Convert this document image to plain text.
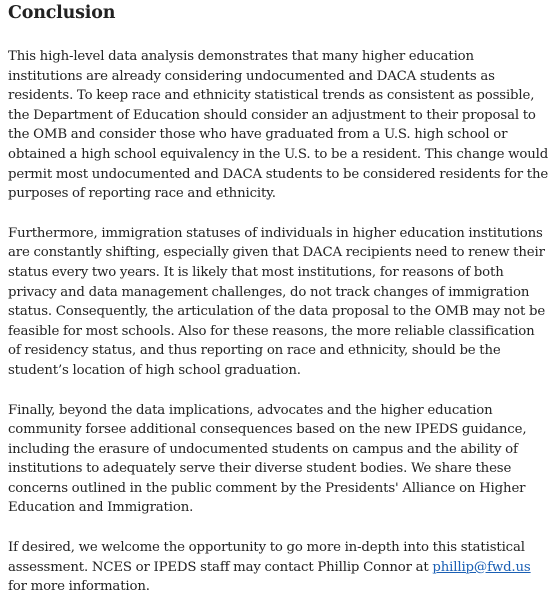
Conclusion

This high-level data analysis demonstrates that many higher education institutions are already considering undocumented and DACA students as residents. To keep race and ethnicity statistical trends as consistent as possible, the Department of Education should consider an adjustment to their proposal to the OMB and consider those who have graduated from a U.S. high school or obtained a high school equivalency in the U.S. to be a resident. This change would permit most undocumented and DACA students to be considered residents for the purposes of reporting race and ethnicity.

Furthermore, immigration statuses of individuals in higher education institutions are constantly shifting, especially given that DACA recipients need to renew their status every two years. It is likely that most institutions, for reasons of both privacy and data management challenges, do not track changes of immigration status. Consequently, the articulation of the data proposal to the OMB may not be feasible for most schools. Also for these reasons, the more reliable classification of residency status, and thus reporting on race and ethnicity, should be the student’s location of high school graduation.

Finally, beyond the data implications, advocates and the higher education community forsee additional consequences based on the new IPEDS guidance, including the erasure of undocumented students on campus and the ability of institutions to adequately serve their diverse student bodies. We share these concerns outlined in the public comment by the Presidents' Alliance on Higher Education and Immigration.

If desired, we welcome the opportunity to go more in-depth into this statistical assessment. NCES or IPEDS staff may contact Phillip Connor at phillip@fwd.us for more information.
